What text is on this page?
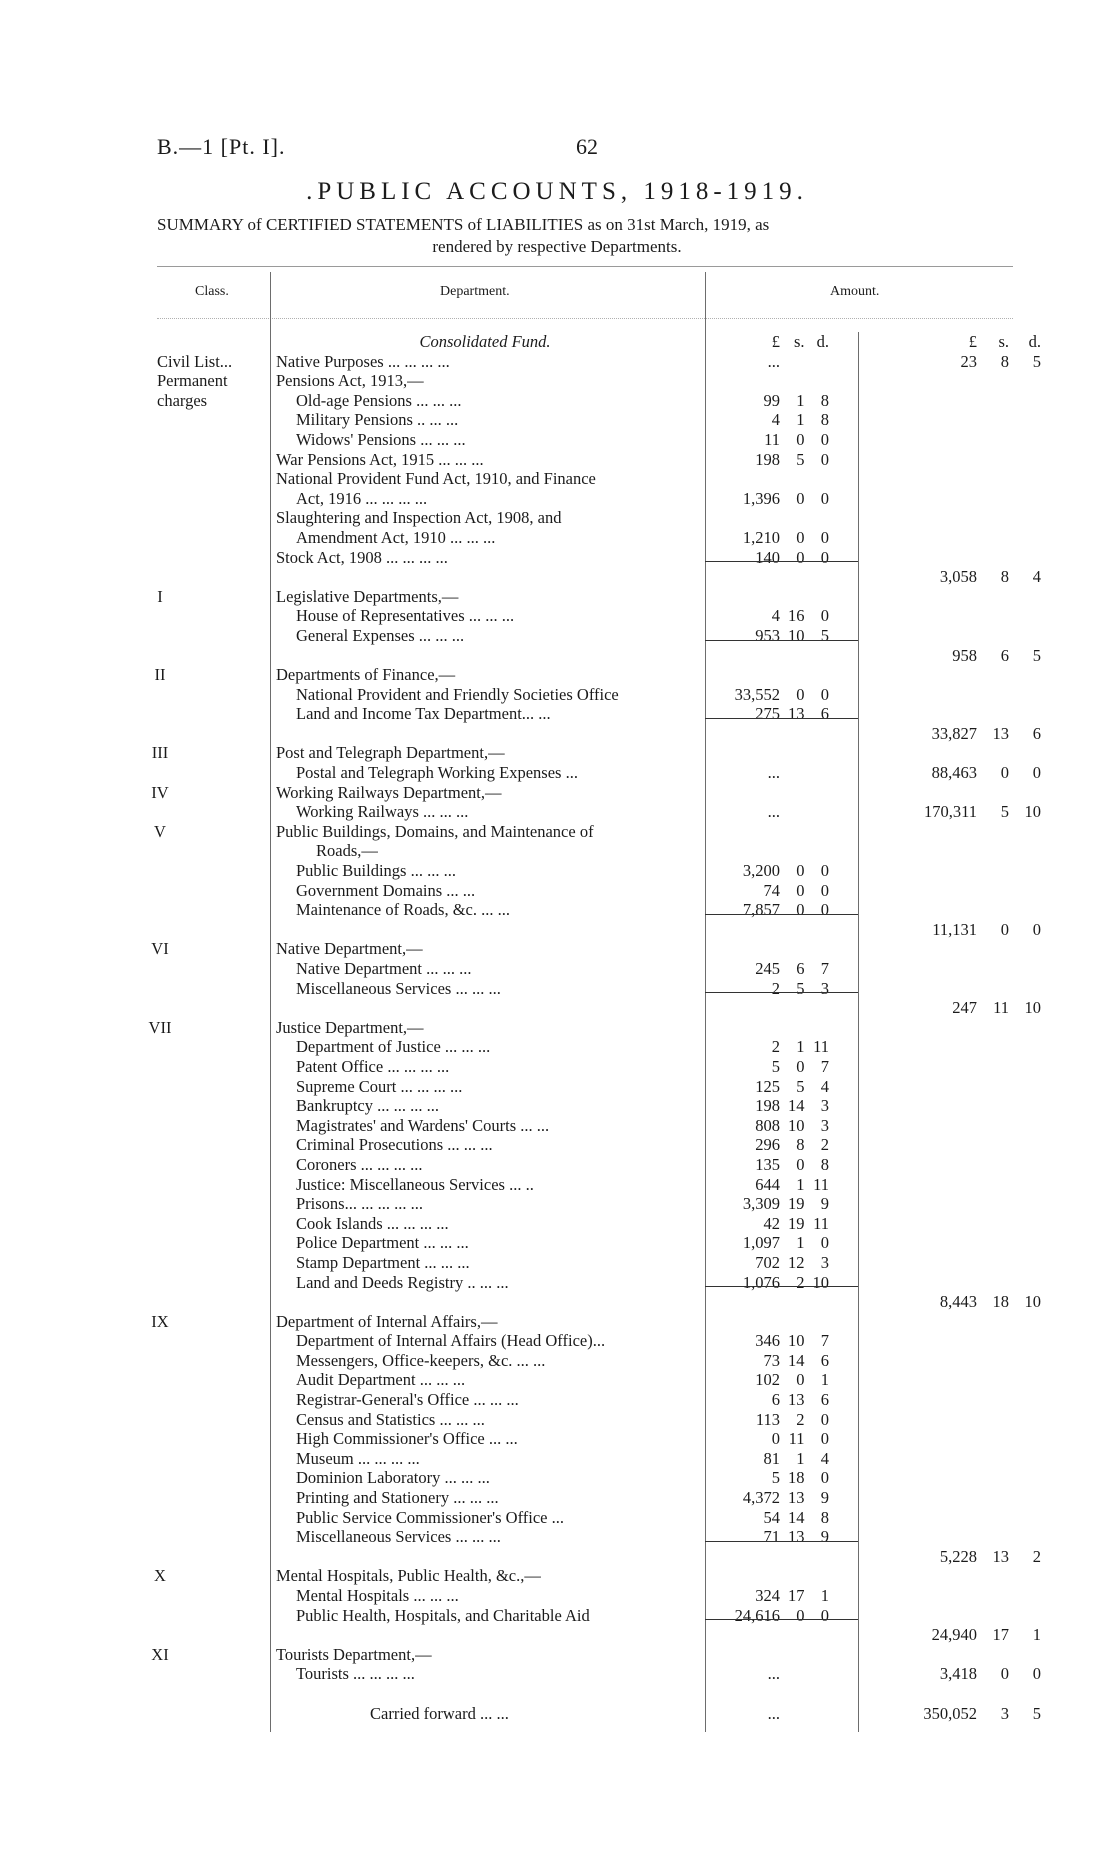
B.—1 [Pt. I].	62
.PUBLIC ACCOUNTS, 1918-1919.
SUMMARY of CERTIFIED STATEMENTS of LIABILITIES as on 31st March, 1919, as
rendered by respective Departments.
Class.	Department.	Amount.
	Consolidated Fund.	£	s.	d.		£	s.	d.
Civil List...	Native Purposes ... ... ... ...	...				23	8	5
Permanent	Pensions Act, 1913,—							
charges	Old-age Pensions ... ... ...	99	1	8				
	Military Pensions .. ... ...	4	1	8				
	Widows' Pensions ... ... ...	11	0	0				
	War Pensions Act, 1915 ... ... ...	198	5	0				
	National Provident Fund Act, 1910, and Finance							
	Act, 1916 ... ... ... ...	1,396	0	0				
	Slaughtering and Inspection Act, 1908, and							
	Amendment Act, 1910 ... ... ...	1,210	0	0				
	Stock Act, 1908 ... ... ... ...	140	0	0				
						3,058	8	4
I	Legislative Departments,—							
	House of Representatives ... ... ...	4	16	0				
	General Expenses ... ... ...	953	10	5				
						958	6	5
II	Departments of Finance,—							
	National Provident and Friendly Societies Office	33,552	0	0				
	Land and Income Tax Department... ...	275	13	6				
						33,827	13	6
III	Post and Telegraph Department,—							
	Postal and Telegraph Working Expenses ...	...				88,463	0	0
IV	Working Railways Department,—							
	Working Railways ... ... ...	...				170,311	5	10
V	Public Buildings, Domains, and Maintenance of							
	Roads,—							
	Public Buildings ... ... ...	3,200	0	0				
	Government Domains ... ...	74	0	0				
	Maintenance of Roads, &c. ... ...	7,857	0	0				
						11,131	0	0
VI	Native Department,—							
	Native Department ... ... ...	245	6	7				
	Miscellaneous Services ... ... ...	2	5	3				
						247	11	10
VII	Justice Department,—							
	Department of Justice ... ... ...	2	1	11				
	Patent Office ... ... ... ...	5	0	7				
	Supreme Court ... ... ... ...	125	5	4				
	Bankruptcy ... ... ... ...	198	14	3				
	Magistrates' and Wardens' Courts ... ...	808	10	3				
	Criminal Prosecutions ... ... ...	296	8	2				
	Coroners ... ... ... ...	135	0	8				
	Justice: Miscellaneous Services ... ..	644	1	11				
	Prisons... ... ... ... ...	3,309	19	9				
	Cook Islands ... ... ... ...	42	19	11				
	Police Department ... ... ...	1,097	1	0				
	Stamp Department ... ... ...	702	12	3				
	Land and Deeds Registry .. ... ...	1,076	2	10				
						8,443	18	10
IX	Department of Internal Affairs,—							
	Department of Internal Affairs (Head Office)...	346	10	7				
	Messengers, Office-keepers, &c. ... ...	73	14	6				
	Audit Department ... ... ...	102	0	1				
	Registrar-General's Office ... ... ...	6	13	6				
	Census and Statistics ... ... ...	113	2	0				
	High Commissioner's Office ... ...	0	11	0				
	Museum ... ... ... ...	81	1	4				
	Dominion Laboratory ... ... ...	5	18	0				
	Printing and Stationery ... ... ...	4,372	13	9				
	Public Service Commissioner's Office ...	54	14	8				
	Miscellaneous Services ... ... ...	71	13	9				
						5,228	13	2
X	Mental Hospitals, Public Health, &c.,—							
	Mental Hospitals ... ... ...	324	17	1				
	Public Health, Hospitals, and Charitable Aid	24,616	0	0				
						24,940	17	1
XI	Tourists Department,—							
	Tourists ... ... ... ...	...				3,418	0	0

	Carried forward ... ...	...				350,052	3	5
